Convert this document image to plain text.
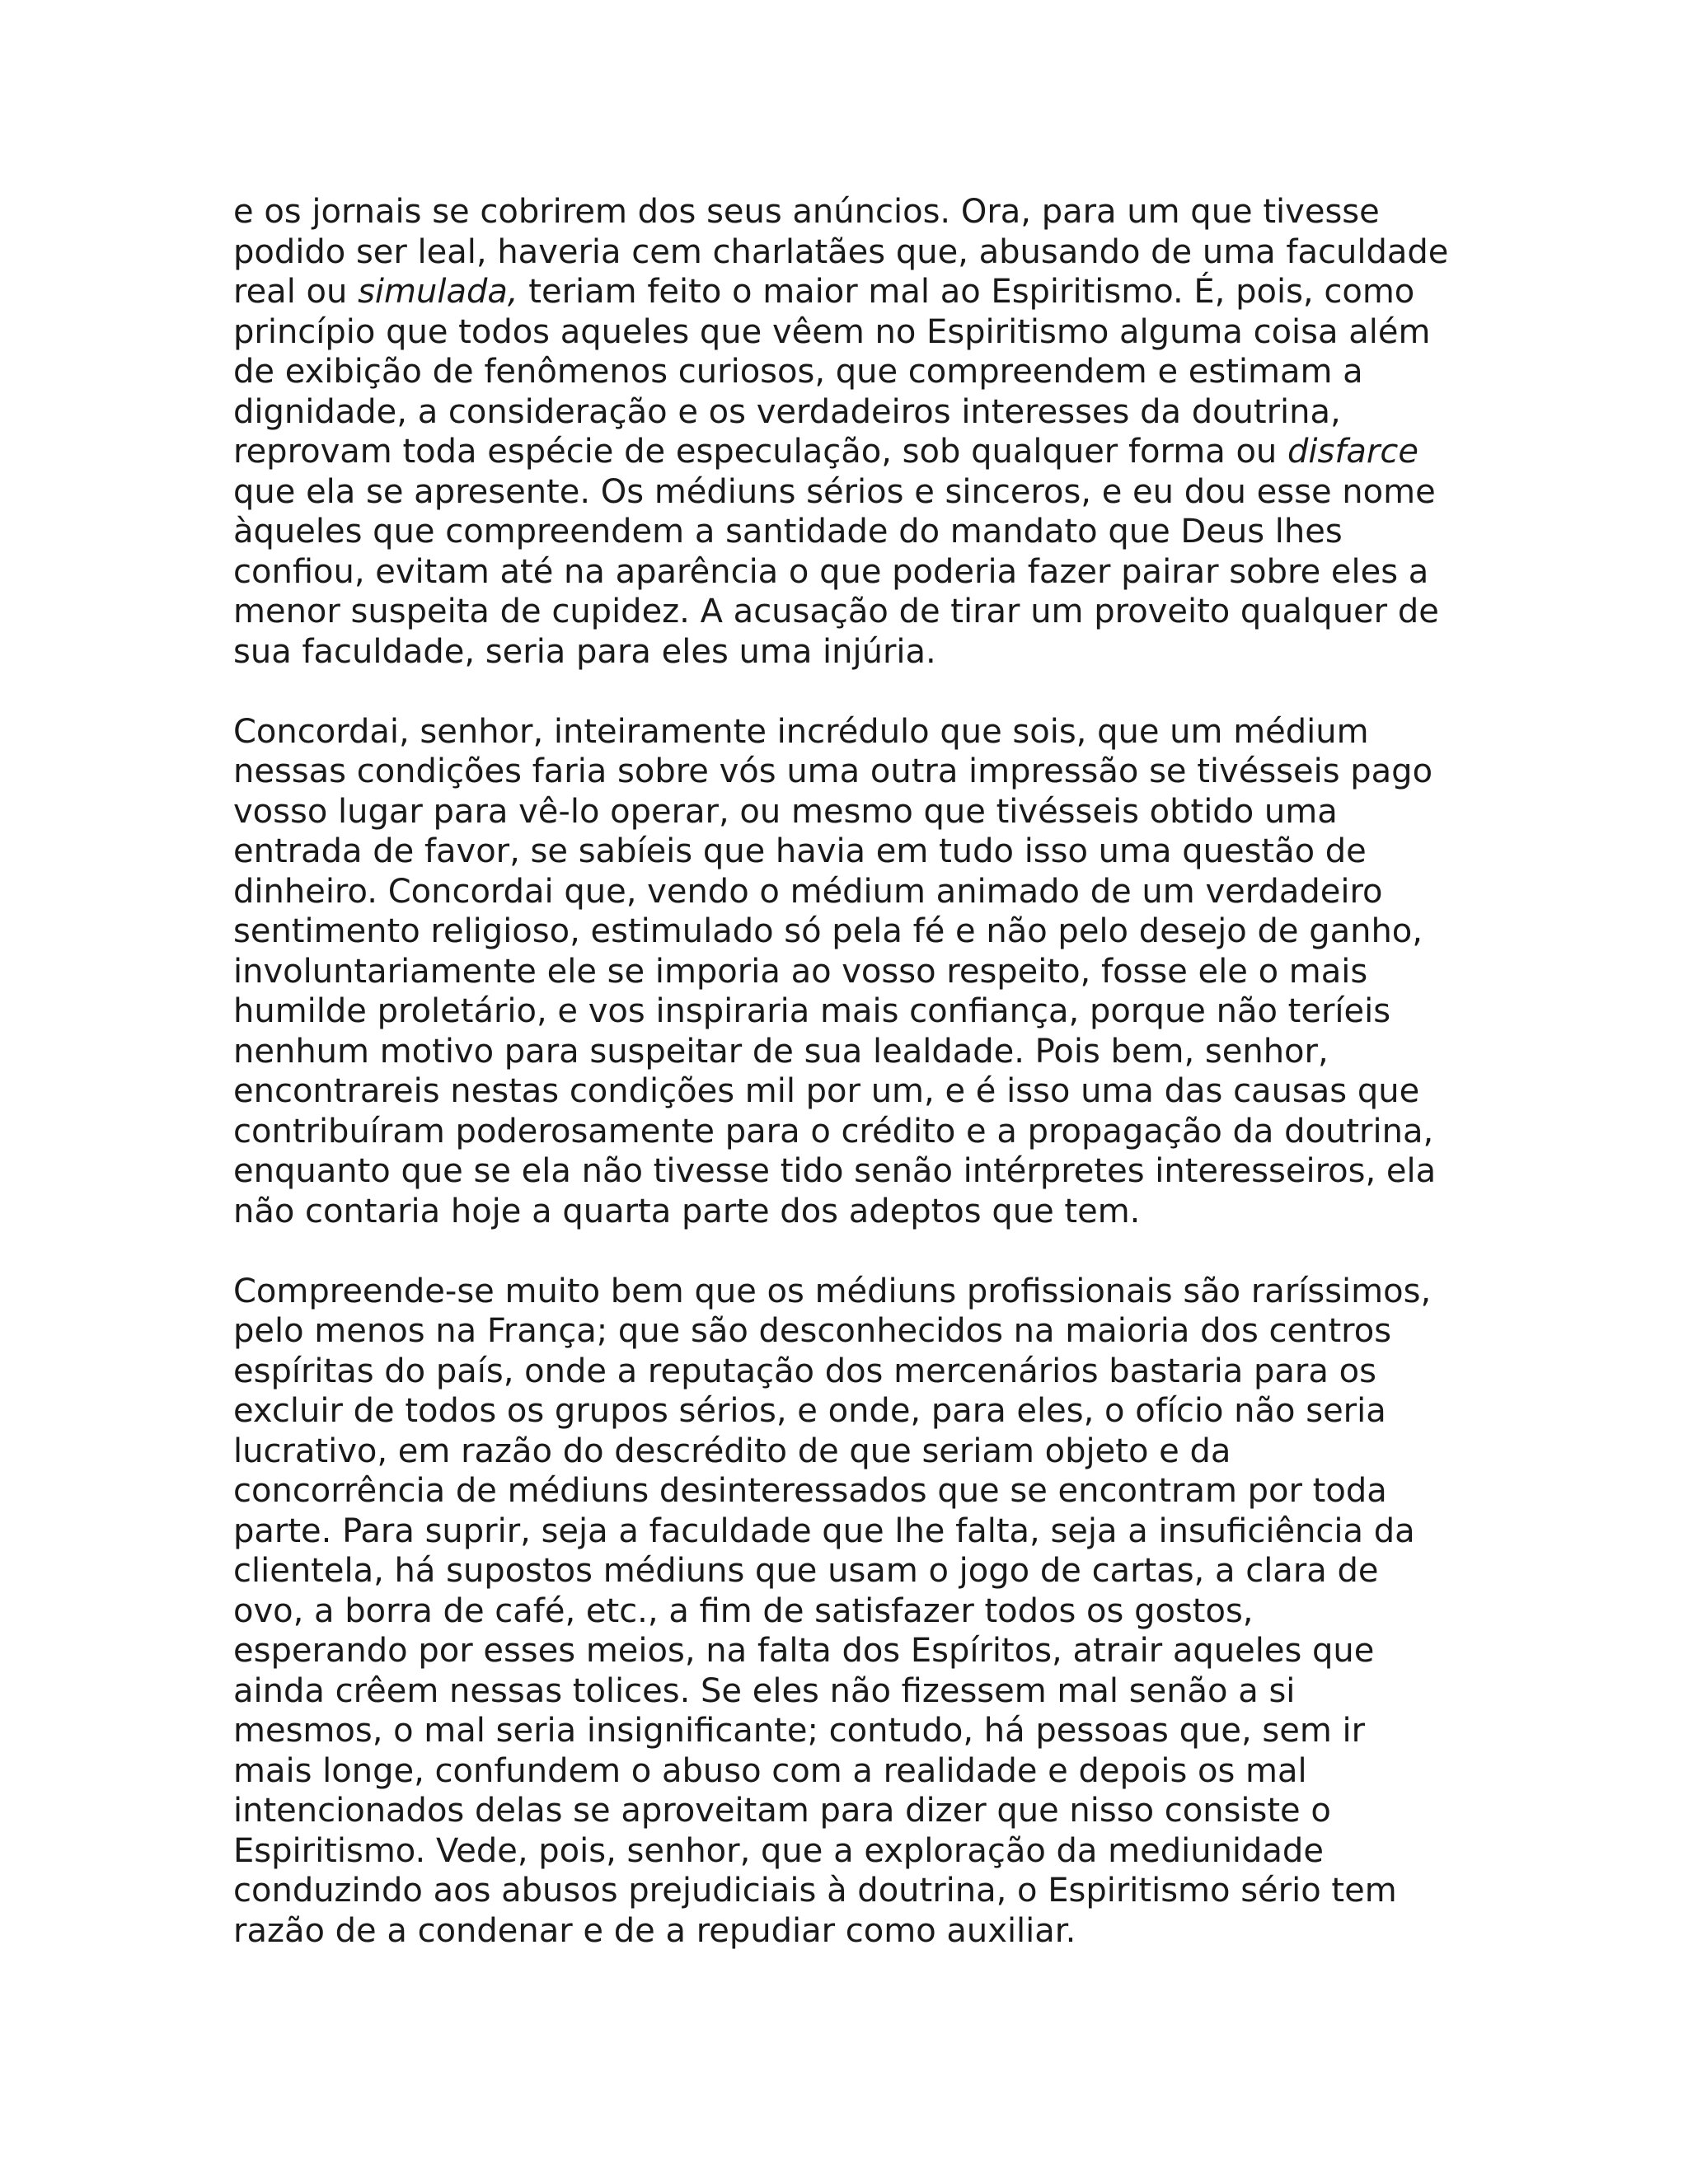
e os jornais se cobrirem dos seus anúncios. Ora, para um que tivesse
podido ser leal, haveria cem charlatães que, abusando de uma faculdade
real ou simulada, teriam feito o maior mal ao Espiritismo. É, pois, como
princípio que todos aqueles que vêem no Espiritismo alguma coisa além
de exibição de fenômenos curiosos, que compreendem e estimam a
dignidade, a consideração e os verdadeiros interesses da doutrina,
reprovam toda espécie de especulação, sob qualquer forma ou disfarce
que ela se apresente. Os médiuns sérios e sinceros, e eu dou esse nome
àqueles que compreendem a santidade do mandato que Deus lhes
confiou, evitam até na aparência o que poderia fazer pairar sobre eles a
menor suspeita de cupidez. A acusação de tirar um proveito qualquer de
sua faculdade, seria para eles uma injúria.
Concordai, senhor, inteiramente incrédulo que sois, que um médium
nessas condições faria sobre vós uma outra impressão se tivésseis pago
vosso lugar para vê-lo operar, ou mesmo que tivésseis obtido uma
entrada de favor, se sabíeis que havia em tudo isso uma questão de
dinheiro. Concordai que, vendo o médium animado de um verdadeiro
sentimento religioso, estimulado só pela fé e não pelo desejo de ganho,
involuntariamente ele se imporia ao vosso respeito, fosse ele o mais
humilde proletário, e vos inspiraria mais confiança, porque não teríeis
nenhum motivo para suspeitar de sua lealdade. Pois bem, senhor,
encontrareis nestas condições mil por um, e é isso uma das causas que
contribuíram poderosamente para o crédito e a propagação da doutrina,
enquanto que se ela não tivesse tido senão intérpretes interesseiros, ela
não contaria hoje a quarta parte dos adeptos que tem.
Compreende-se muito bem que os médiuns profissionais são raríssimos,
pelo menos na França; que são desconhecidos na maioria dos centros
espíritas do país, onde a reputação dos mercenários bastaria para os
excluir de todos os grupos sérios, e onde, para eles, o ofício não seria
lucrativo, em razão do descrédito de que seriam objeto e da
concorrência de médiuns desinteressados que se encontram por toda
parte. Para suprir, seja a faculdade que lhe falta, seja a insuficiência da
clientela, há supostos médiuns que usam o jogo de cartas, a clara de
ovo, a borra de café, etc., a fim de satisfazer todos os gostos,
esperando por esses meios, na falta dos Espíritos, atrair aqueles que
ainda crêem nessas tolices. Se eles não fizessem mal senão a si
mesmos, o mal seria insignificante; contudo, há pessoas que, sem ir
mais longe, confundem o abuso com a realidade e depois os mal
intencionados delas se aproveitam para dizer que nisso consiste o
Espiritismo. Vede, pois, senhor, que a exploração da mediunidade
conduzindo aos abusos prejudiciais à doutrina, o Espiritismo sério tem
razão de a condenar e de a repudiar como auxiliar.
